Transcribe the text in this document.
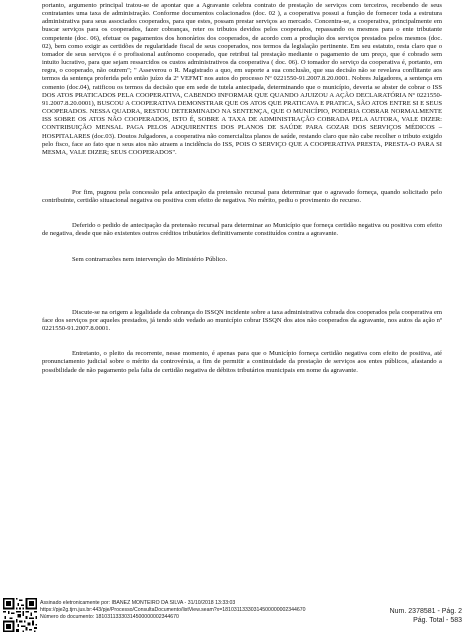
portanto, argumento principal tratou-se de apontar que a Agravante celebra contrato de prestação de serviços com terceiros, recebendo de seus contratantes uma taxa de administração. Conforme documentos colacionados (doc. 02 ), a cooperativa possui a função de fornecer toda a estrutura administrativa para seus associados cooperados, para que estes, possam prestar serviços ao mercado. Concentra-se, a cooperativa, principalmente em buscar serviços para os cooperados, fazer cobranças, reter os tributos devidos pelos cooperados, repassando os mesmos para o ente tributante competente (doc. 06), efetuar os pagamentos dos honorários dos cooperados, de acordo com a produção dos serviços prestados pelos mesmos (doc. 02), bem como exigir as certidões de regularidade fiscal de seus cooperados, nos termos da legislação pertinente. Em seu estatuto, resta claro que o tomador de seus serviços é o profissional autônomo cooperado, que retribui tal prestação mediante o pagamento de um preço, que é cobrado sem intuito lucrativo, para que sejam ressarcidos os custos administrativos da cooperativa ( doc. 06). O tomador do serviço da cooperativa é, portanto, em regra, o cooperado, não outrem"; " Asseverou o R. Magistrado a quo, em suporte a sua conclusão, que sua decisão não se revelava conflitante aos termos da sentença proferida pelo então juízo da 2ª VEFMT nos autos do processo Nº 0221550-91.2007.8.20.0001. Nobres Julgadores, a sentença em comento (doc.04), ratificou os termos da decisão que em sede de tutela antecipada, determinando que o município, deveria se abster de cobrar o ISS DOS ATOS PRATICADOS PELA COOPERATIVA, CABENDO INFORMAR QUE QUANDO AJUIZOU A AÇÃO DECLARATÓRIA Nº 0221550-91.2007.8.20.0001), BUSCOU A COOPERATIVA DEMONSTRAR QUE OS ATOS QUE PRATICAVA E PRATICA, SÃO ATOS ENTRE SI E SEUS COOPERADOS. NESSA QUADRA, RESTOU DETERMINADO NA SENTENÇA, QUE O MUNICÍPIO, PODERIA COBRAR NORMALMENTE ISS SOBRE OS ATOS NÃO COOPERADOS, ISTO É, SOBRE A TAXA DE ADMINISTRAÇÃO COBRADA PELA AUTORA, VALE DIZER: CONTRIBUIÇÃO MENSAL PAGA PELOS ADQUIRENTES DOS PLANOS DE SAÚDE PARA GOZAR DOS SERVIÇOS MÉDICOS – HOSPITALARES (doc.03). Doutos Julgadores, a cooperativa não comercializa planos de saúde, restando claro que não cabe recolher o tributo exigido pelo fisco, face ao fato que n seus atos não atraem a incidência do ISS, POIS O SERVIÇO QUE A COOPERATIVA PRESTA, PRESTA-O PARA SI MESMA, VALE DIZER; SEUS COOPERADOS".

Por fim, pugnou pela concessão pela antecipação da pretensão recursal para determinar que o agravado forneça, quando solicitado pelo contribuinte, certidão situacional negativa ou positiva com efeito de negativa. No mérito, pediu o provimento do recurso.

Deferido o pedido de antecipação da pretensão recursal para determinar ao Município que forneça certidão negativa ou positiva com efeito de negativa, desde que não existentes outros créditos tributários definitivamente constituídos contra a agravante.

Sem contrarrazões nem intervenção do Ministério Público.

Discute-se na origem a legalidade da cobrança do ISSQN incidente sobre a taxa administrativa cobrada dos cooperados pela cooperativa em face dos serviços por aqueles prestados, já tendo sido vedado ao município cobrar ISSQN dos atos não cooperados da agravante, nos autos da ação nº 0221550-91.2007.8.0001.

Entretanto, o pleito da recorrente, nesse momento, é apenas para que o Município forneça certidão negativa com efeito de positiva, até pronunciamento judicial sobre o mérito da controvérsia, a fim de permitir a continuidade da prestação de serviços aos entes públicos, afastando a possibilidade de não pagamento pela falta de certidão negativa de débitos tributários municipais em nome da agravante.

Assinado eletronicamente por: IBANEZ MONTEIRO DA SILVA - 31/10/2018 13:33:03
https://pje2g.tjrn.jus.br:443/pje/Processo/ConsultaDocumento/listView.seam?x=18103113330314500000002344670
Número do documento: 18103113330314500000002344670
Num. 2378581 - Pág. 2
Pág. Total - 583
